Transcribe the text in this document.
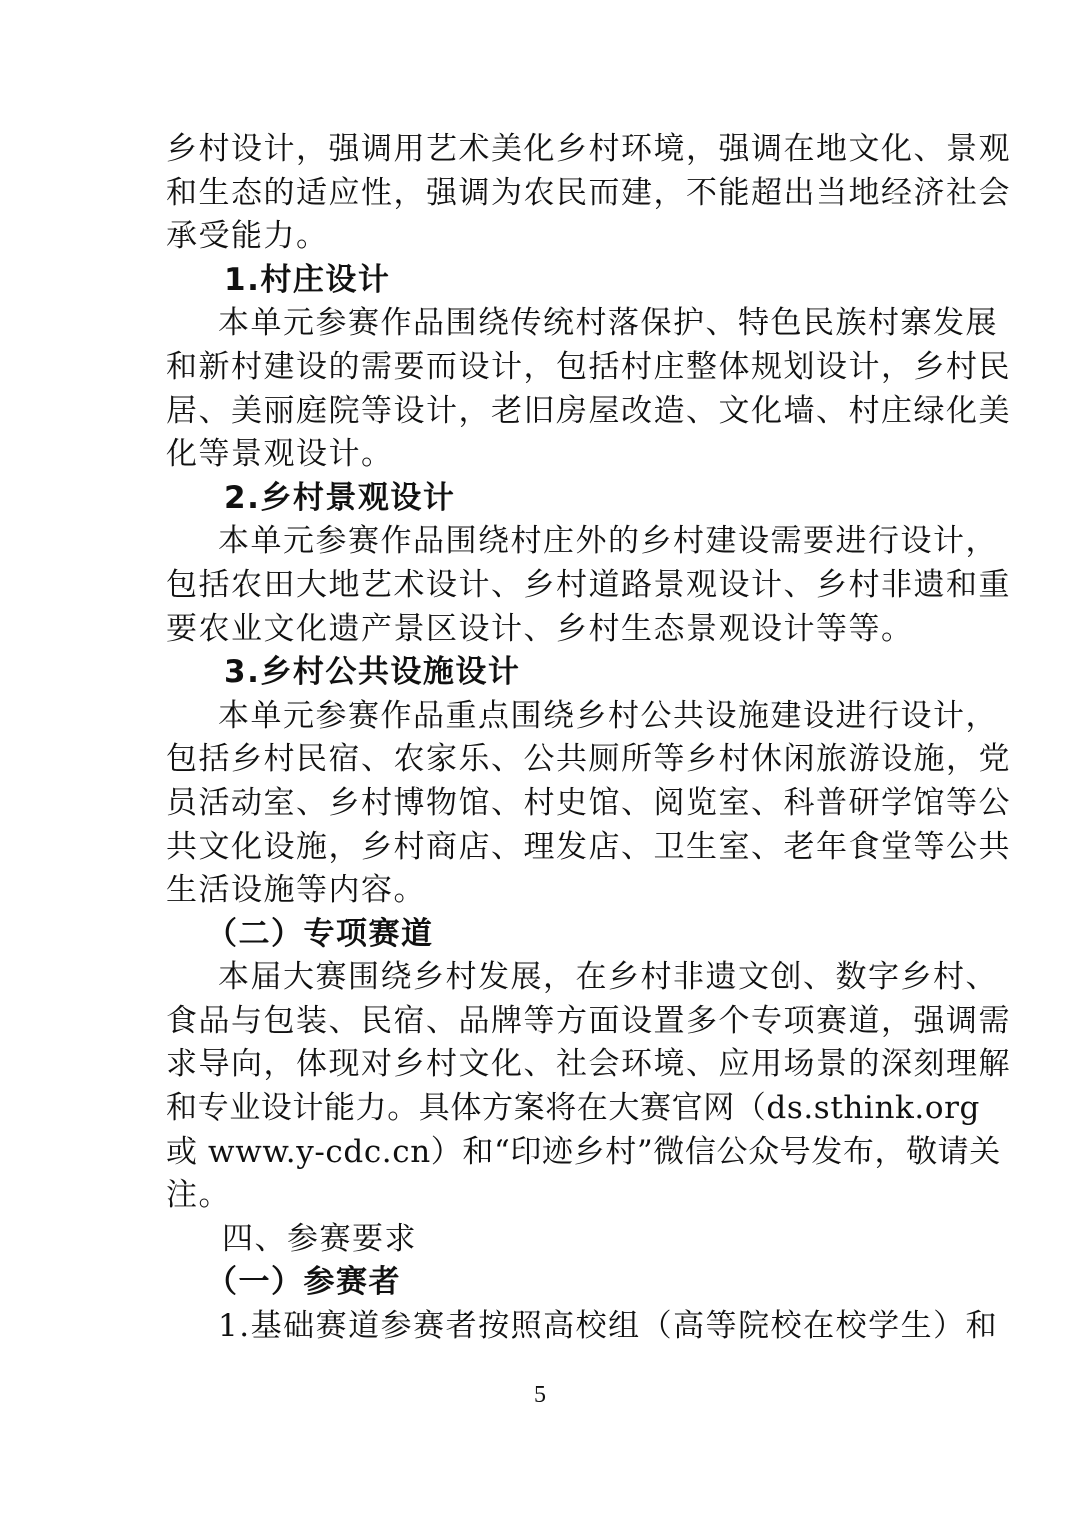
乡村设计，强调用艺术美化乡村环境，强调在地文化、景观
和生态的适应性，强调为农民而建，不能超出当地经济社会
承受能力。
1.村庄设计
本单元参赛作品围绕传统村落保护、特色民族村寨发展
和新村建设的需要而设计，包括村庄整体规划设计，乡村民
居、美丽庭院等设计，老旧房屋改造、文化墙、村庄绿化美
化等景观设计。
2.乡村景观设计
本单元参赛作品围绕村庄外的乡村建设需要进行设计，
包括农田大地艺术设计、乡村道路景观设计、乡村非遗和重
要农业文化遗产景区设计、乡村生态景观设计等等。
3.乡村公共设施设计
本单元参赛作品重点围绕乡村公共设施建设进行设计，
包括乡村民宿、农家乐、公共厕所等乡村休闲旅游设施，党
员活动室、乡村博物馆、村史馆、阅览室、科普研学馆等公
共文化设施，乡村商店、理发店、卫生室、老年食堂等公共
生活设施等内容。
（二）专项赛道
本届大赛围绕乡村发展，在乡村非遗文创、数字乡村、
食品与包装、民宿、品牌等方面设置多个专项赛道，强调需
求导向，体现对乡村文化、社会环境、应用场景的深刻理解
和专业设计能力。具体方案将在大赛官网（ds.sthink.org
或 www.y-cdc.cn）和“印迹乡村”微信公众号发布，敬请关
注。
四、参赛要求
（一）参赛者
1.基础赛道参赛者按照高校组（高等院校在校学生）和
5
